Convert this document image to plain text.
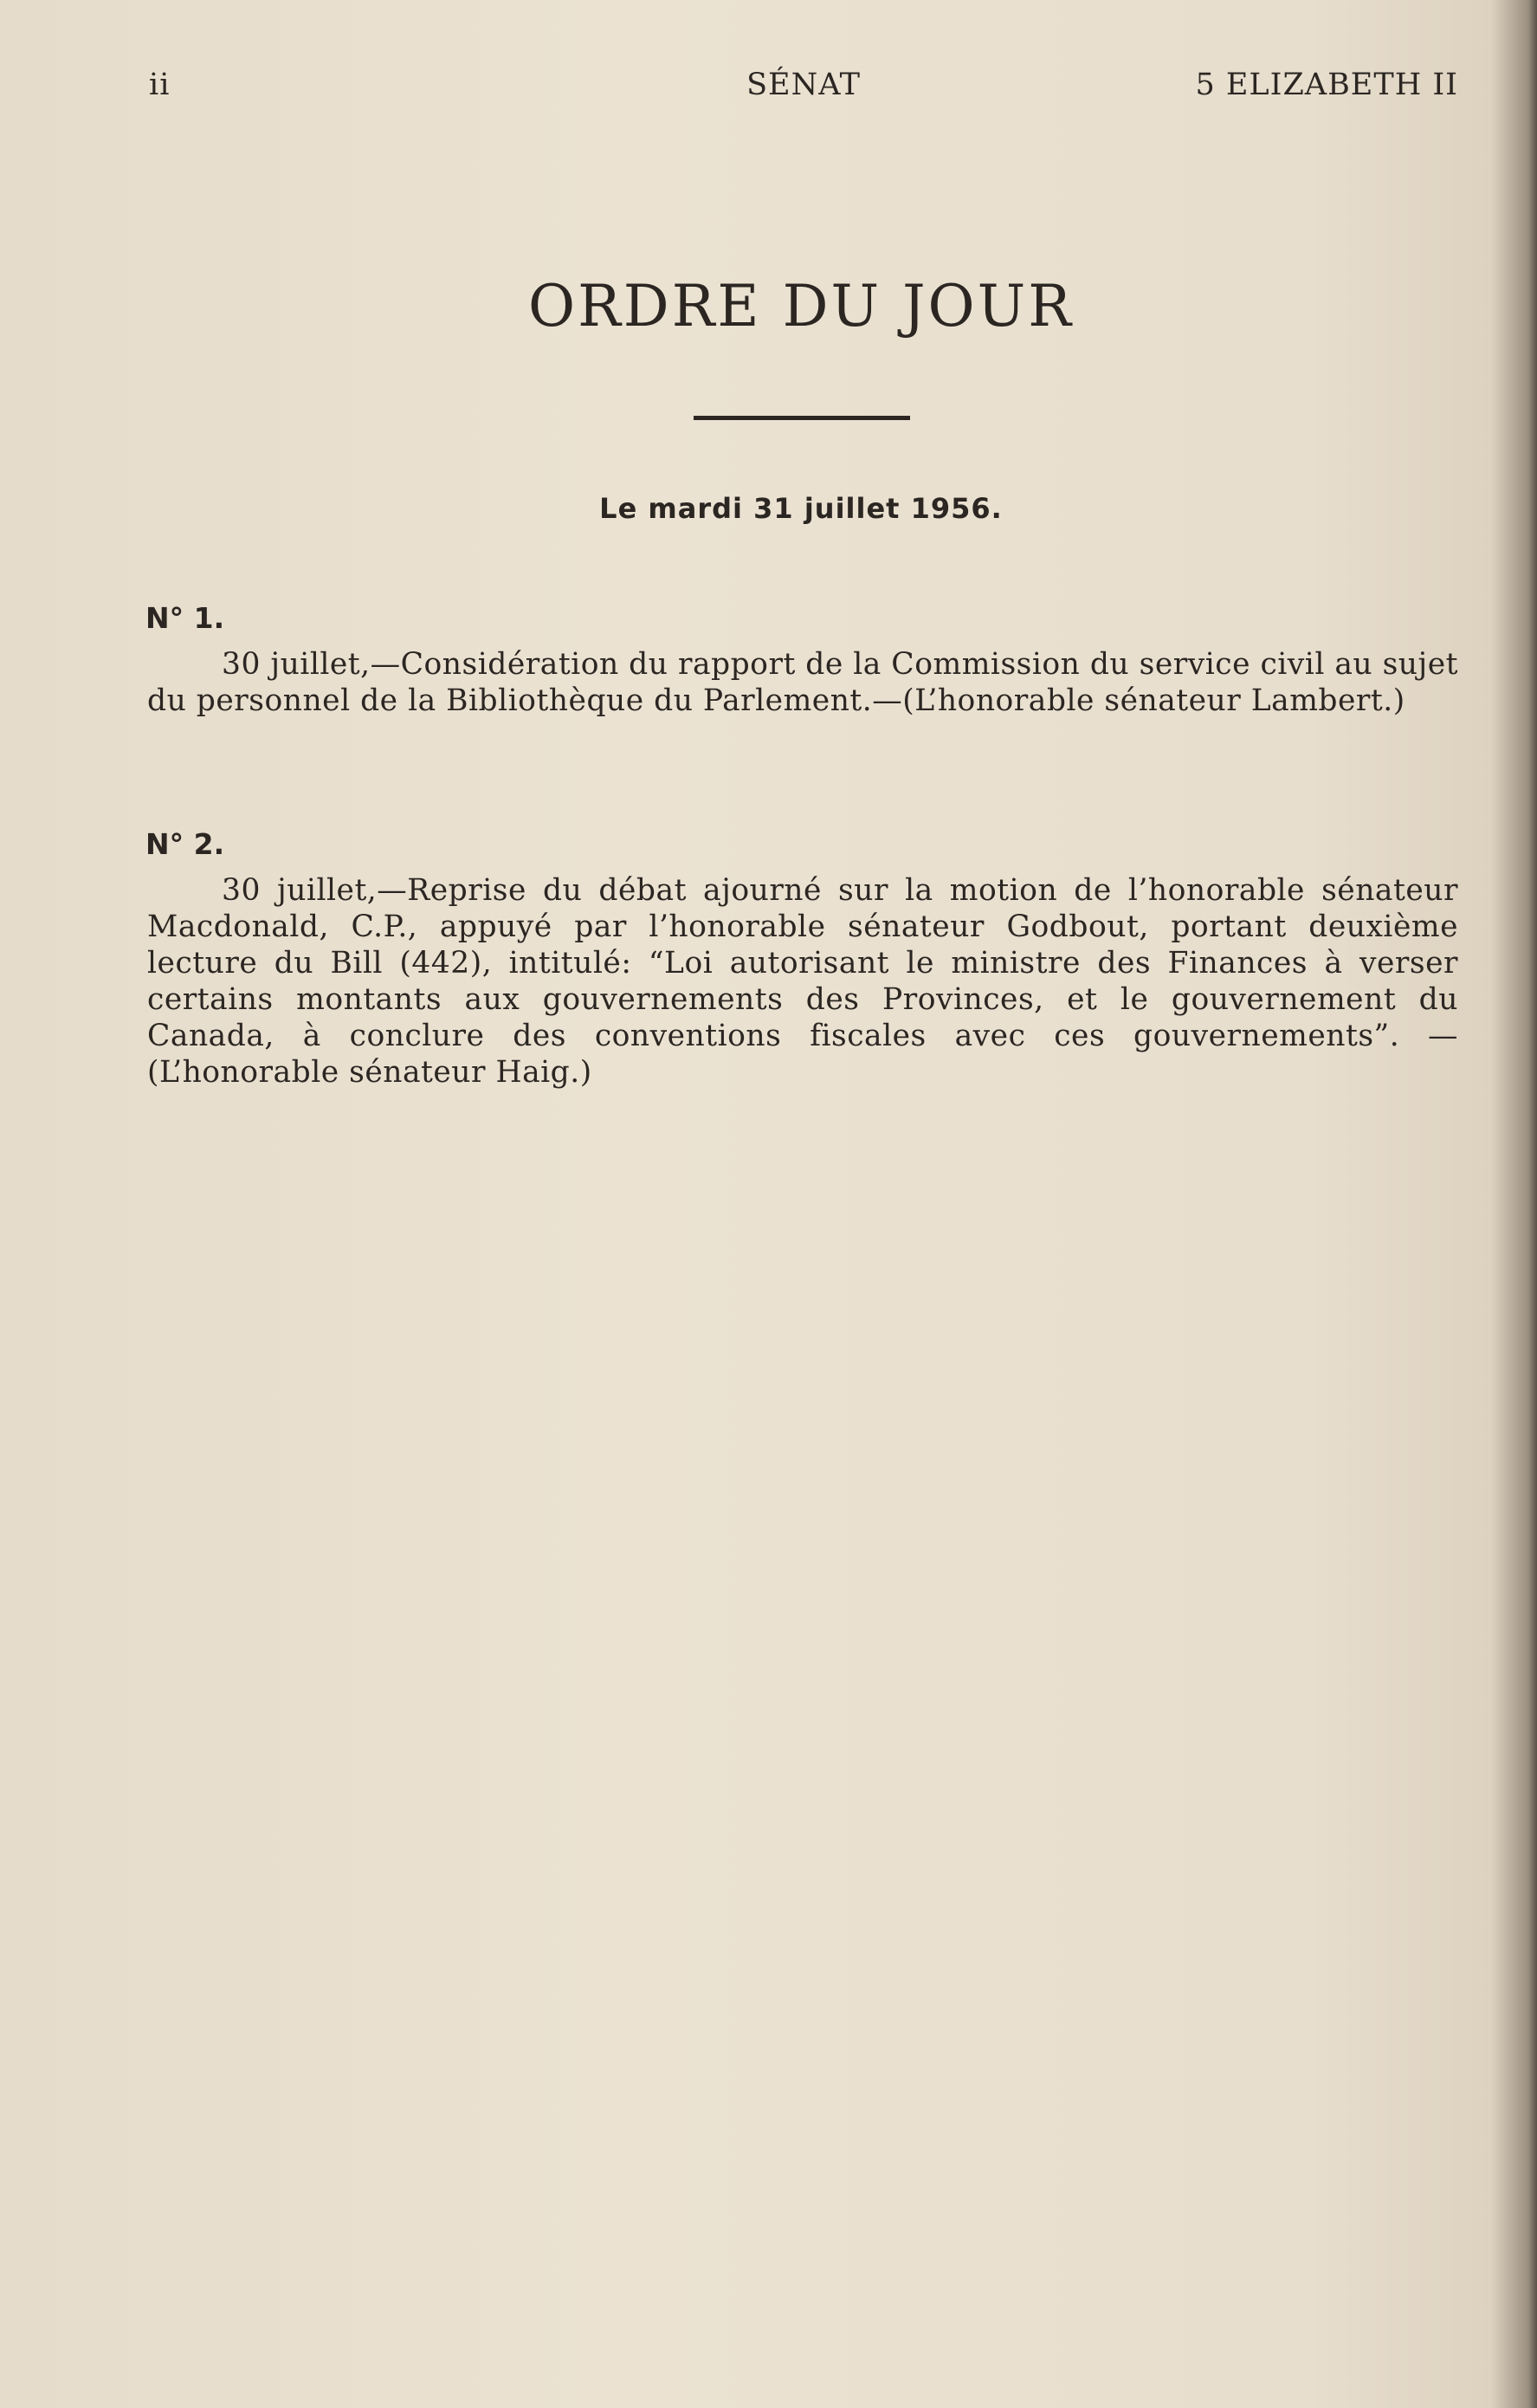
ii	SÉNAT	5 ELIZABETH II
ORDRE DU JOUR
Le mardi 31 juillet 1956.
N° 1.

30 juillet,—Considération du rapport de la Commission du service civil au sujet du personnel de la Bibliothèque du Parlement.—(L’honorable sénateur Lambert.)

N° 2.

30 juillet,—Reprise du débat ajourné sur la motion de l’honorable sénateur Macdonald, C.P., appuyé par l’honorable sénateur Godbout, portant deuxième lecture du Bill (442), intitulé: “Loi autorisant le ministre des Finances à verser certains montants aux gouvernements des Provinces, et le gouvernement du Canada, à conclure des conventions fiscales avec ces gouvernements”. —(L’honorable sénateur Haig.)
